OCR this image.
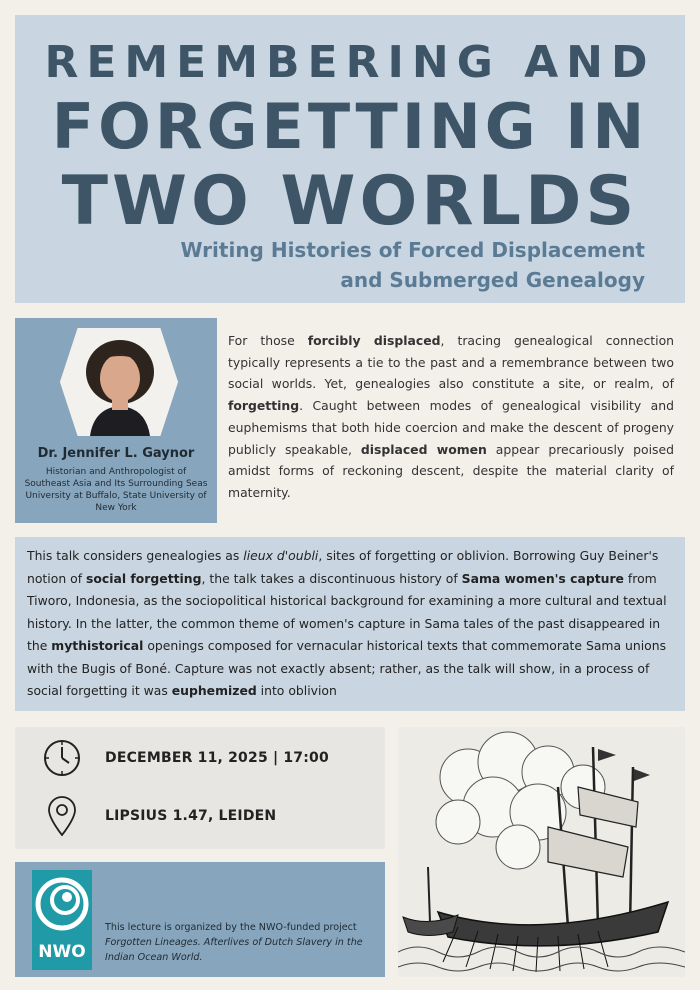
REMEMBERING AND
FORGETTING IN
TWO WORLDS
Writing Histories of Forced Displacement
and Submerged Genealogy
Dr. Jennifer L. Gaynor
Historian and Anthropologist of Southeast Asia and Its Surrounding Seas University at Buffalo, State University of New York
For those forcibly displaced, tracing genealogical connection typically represents a tie to the past and a remembrance between two social worlds. Yet, genealogies also constitute a site, or realm, of forgetting. Caught between modes of genealogical visibility and euphemisms that both hide coercion and make the descent of progeny publicly speakable, displaced women appear precariously poised amidst forms of reckoning descent, despite the material clarity of maternity.
This talk considers genealogies as lieux d'oubli, sites of forgetting or oblivion. Borrowing Guy Beiner's notion of social forgetting, the talk takes a discontinuous history of Sama women's capture from Tiworo, Indonesia, as the sociopolitical historical background for examining a more cultural and textual history. In the latter, the common theme of women's capture in Sama tales of the past disappeared in the mythistorical openings composed for vernacular historical texts that commemorate Sama unions with the Bugis of Boné. Capture was not exactly absent; rather, as the talk will show, in a process of social forgetting it was euphemized into oblivion
DECEMBER 11, 2025 | 17:00
LIPSIUS 1.47, LEIDEN
NWO
This lecture is organized by the NWO-funded project Forgotten Lineages. Afterlives of Dutch Slavery in the Indian Ocean World.
